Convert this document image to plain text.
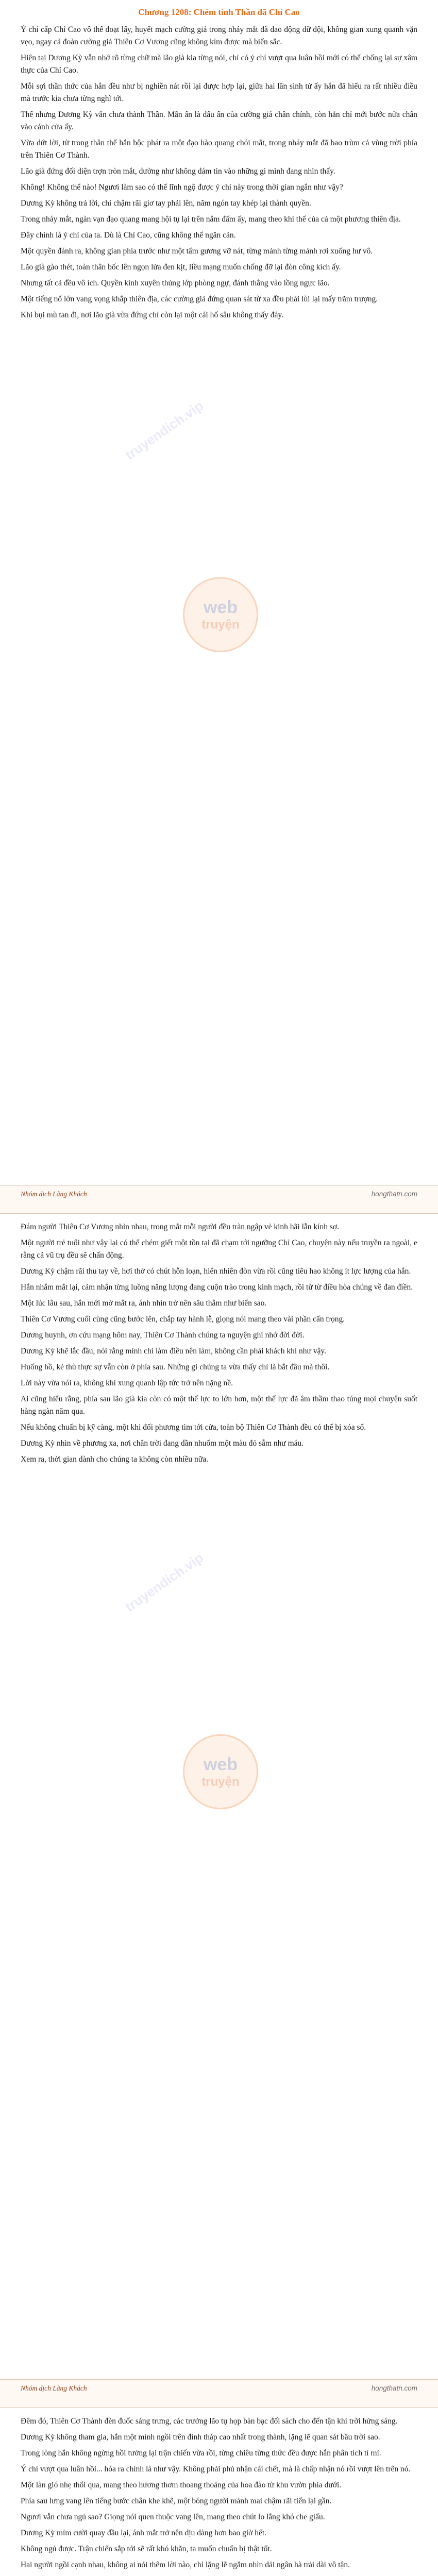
Chương 1208: Chém tỉnh Thần đã Chỉ Cao

Ý chí cấp Chỉ Cao vô thể đoạt lấy, huyết mạch cường giả trong nháy mắt đã dao động dữ dội, không gian xung quanh vặn vẹo, ngay cả đoàn cường giả Thiên Cơ Vương cũng không kìm được mà biến sắc.

Hiện tại Dương Kỳ vẫn nhớ rõ từng chữ mà lão già kia từng nói, chỉ có ý chí vượt qua luân hồi mới có thể chống lại sự xâm thực của Chỉ Cao.

Mỗi sợi thần thức của hắn đều như bị nghiền nát rồi lại được hợp lại, giữa hai lần sinh tử ấy hắn đã hiểu ra rất nhiều điều mà trước kia chưa từng nghĩ tới.

Thế nhưng Dương Kỳ vẫn chưa thành Thần. Mẫn ấn là dấu ấn của cường giả chân chính, còn hắn chỉ mới bước nửa chân vào cánh cửa ấy.

Vừa dứt lời, từ trong thân thể hắn bộc phát ra một đạo hào quang chói mắt, trong nháy mắt đã bao trùm cả vùng trời phía trên Thiên Cơ Thành.

Lão già đứng đối diện trợn tròn mắt, dường như không dám tin vào những gì mình đang nhìn thấy.

Không! Không thể nào! Ngươi làm sao có thể lĩnh ngộ được ý chí này trong thời gian ngắn như vậy?

Dương Kỳ không trả lời, chỉ chậm rãi giơ tay phải lên, năm ngón tay khép lại thành quyền.

Trong nháy mắt, ngàn vạn đạo quang mang hội tụ lại trên nắm đấm ấy, mang theo khí thế của cả một phương thiên địa.

Đây chính là ý chí của ta. Dù là Chỉ Cao, cũng không thể ngăn cản.

Một quyền đánh ra, không gian phía trước như một tấm gương vỡ nát, từng mảnh từng mảnh rơi xuống hư vô.

Lão già gào thét, toàn thân bốc lên ngọn lửa đen kịt, liều mạng muốn chống đỡ lại đòn công kích ấy.

Nhưng tất cả đều vô ích. Quyền kình xuyên thủng lớp phòng ngự, đánh thẳng vào lồng ngực lão.

Một tiếng nổ lớn vang vọng khắp thiên địa, các cường giả đứng quan sát từ xa đều phải lùi lại mấy trăm trượng.

Khi bụi mù tan đi, nơi lão già vừa đứng chỉ còn lại một cái hố sâu không thấy đáy.

web
truyện
truyendich.vip
Nhóm dịch Lãng Khách	hongthatn.com

Đám người Thiên Cơ Vương nhìn nhau, trong mắt mỗi người đều tràn ngập vẻ kinh hãi lẫn kính sợ.

Một người trẻ tuổi như vậy lại có thể chém giết một tồn tại đã chạm tới ngưỡng Chỉ Cao, chuyện này nếu truyền ra ngoài, e rằng cả vũ trụ đều sẽ chấn động.

Dương Kỳ chậm rãi thu tay về, hơi thở có chút hỗn loạn, hiển nhiên đòn vừa rồi cũng tiêu hao không ít lực lượng của hắn.

Hắn nhắm mắt lại, cảm nhận từng luồng năng lượng đang cuộn trào trong kinh mạch, rồi từ từ điều hòa chúng về đan điền.

Một lúc lâu sau, hắn mới mở mắt ra, ánh nhìn trở nên sâu thẳm như biển sao.

Thiên Cơ Vương cuối cùng cũng bước lên, chắp tay hành lễ, giọng nói mang theo vài phần cẩn trọng.

Dương huynh, ơn cứu mạng hôm nay, Thiên Cơ Thành chúng ta nguyện ghi nhớ đời đời.

Dương Kỳ khẽ lắc đầu, nói rằng mình chỉ làm điều nên làm, không cần phải khách khí như vậy.

Huống hồ, kẻ thù thực sự vẫn còn ở phía sau. Những gì chúng ta vừa thấy chỉ là bắt đầu mà thôi.

Lời này vừa nói ra, không khí xung quanh lập tức trở nên nặng nề.

Ai cũng hiểu rằng, phía sau lão già kia còn có một thế lực to lớn hơn, một thế lực đã âm thầm thao túng mọi chuyện suốt hàng ngàn năm qua.

Nếu không chuẩn bị kỹ càng, một khi đối phương tìm tới cửa, toàn bộ Thiên Cơ Thành đều có thể bị xóa sổ.

Dương Kỳ nhìn về phương xa, nơi chân trời đang dần nhuốm một màu đỏ sẫm như máu.

Xem ra, thời gian dành cho chúng ta không còn nhiều nữa.

web
truyện
truyendich.vip
Nhóm dịch Lãng Khách	hongthatn.com

Đêm đó, Thiên Cơ Thành đèn đuốc sáng trưng, các trưởng lão tụ họp bàn bạc đối sách cho đến tận khi trời hửng sáng.

Dương Kỳ không tham gia, hắn một mình ngồi trên đỉnh tháp cao nhất trong thành, lặng lẽ quan sát bầu trời sao.

Trong lòng hắn không ngừng hồi tưởng lại trận chiến vừa rồi, từng chiêu từng thức đều được hắn phân tích tỉ mỉ.

Ý chí vượt qua luân hồi... hóa ra chính là như vậy. Không phải phủ nhận cái chết, mà là chấp nhận nó rồi vượt lên trên nó.

Một làn gió nhẹ thổi qua, mang theo hương thơm thoang thoảng của hoa đào từ khu vườn phía dưới.

Phía sau lưng vang lên tiếng bước chân khe khẽ, một bóng người mảnh mai chậm rãi tiến lại gần.

Ngươi vẫn chưa ngủ sao? Giọng nói quen thuộc vang lên, mang theo chút lo lắng khó che giấu.

Dương Kỳ mỉm cười quay đầu lại, ánh mắt trở nên dịu dàng hơn bao giờ hết.

Không ngủ được. Trận chiến sắp tới sẽ rất khó khăn, ta muốn chuẩn bị thật tốt.

Hai người ngồi cạnh nhau, không ai nói thêm lời nào, chỉ lặng lẽ ngắm nhìn dải ngân hà trải dài vô tận.
